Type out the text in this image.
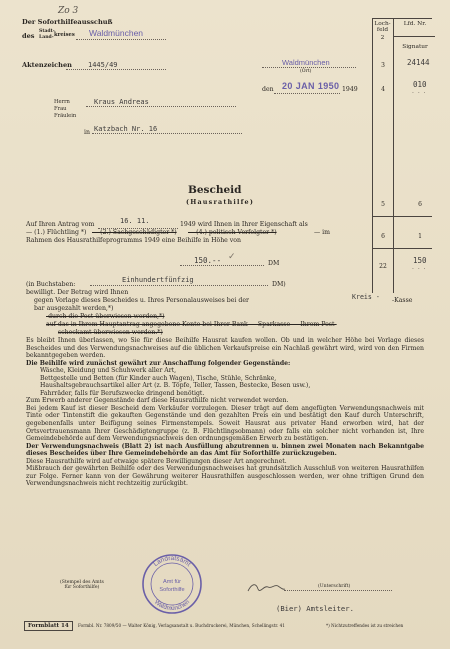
Zo 3
Loch-
feld
Lfd. Nr.
2
Signatur
3	24144
4
010
. . .
5	6
6	1
22
150
. . .
Der Soforthilfeausschuß
des
Stadt-
Land- kreises Waldmünchen
Aktenzeichen 1445/49	Waldmünchen
(Ort)
den 20 JAN 1950 1949
Herrn
Frau
Fräulein
Kraus Andreas
in Katzbach Nr. 16
Bescheid
(Hausrathilfe)
Auf Ihren Antrag vom	16. 11.	1949 wird Ihnen in Ihrer Eigenschaft als
— (1.) Flüchtling *) — (2.) Sachgeschädigter *) — (4.) politisch Verfolgter *)	— im
Rahmen des Hausrathilfeprogramms 1949 eine Beihilfe in Höhe von
150.--	DM
✓
(in Buchstaben:
Einhundertfünfzig
DM)
bewilligt. Der Betrag wird Ihnen
gegen Vorlage dieses Bescheides u. Ihres Personalausweises bei der	Kreis - -Kasse
bar ausgezahlt werden,*)
-durch die Post überwiesen werden,*)
auf das in Ihrem Hauptantrag angegebene Konto bei Ihrer Bank — Sparkasse — Ihrem Post-
scheckamt überwiesen werden.*)

Es bleibt Ihnen überlassen, wo Sie für diese Beihilfe Hausrat kaufen wollen. Ob und in welcher Höhe bei Vorlage dieses Bescheides und des Verwendungsnachweises auf die üblichen Verkaufspreise ein Nachlaß gewährt wird, wird von den Firmen bekanntgegeben werden.

Die Beihilfe wird zunächst gewährt zur Anschaffung folgender Gegenstände:

Wäsche, Kleidung und Schuhwerk aller Art,

Bettgestelle und Betten (für Kinder auch Wagen), Tische, Stühle, Schränke,

Haushaltsgebrauchsartikel aller Art (z. B. Töpfe, Teller, Tassen, Bestecke, Besen usw.),

Fahrräder, falls für Berufszwecke dringend benötigt.

Zum Erwerb anderer Gegenstände darf diese Hausrathilfe nicht verwendet werden.

Bei jedem Kauf ist dieser Bescheid dem Verkäufer vorzulegen. Dieser trägt auf dem angefügten Verwendungsnachweis mit Tinte oder Tintenstift die gekauften Gegenstände und den gezahlten Preis ein und bestätigt den Kauf durch Unterschrift, gegebenenfalls unter Beifügung seines Firmenstempels. Soweit Hausrat aus privater Hand erworben wird, hat der Ortsvertrauensmann Ihrer Geschädigtengruppe (z. B. Flüchtlingsobmann) oder falls ein solcher nicht vorhanden ist, Ihre Gemeindebehörde auf dem Verwendungsnachweis den ordnungsgemäßen Erwerb zu bestätigen.

Der Verwendungsnachweis (Blatt 2) ist nach Ausfüllung abzutrennen u. binnen zwei Monaten nach Bekanntgabe dieses Bescheides über Ihre Gemeindebehörde an das Amt für Soforthilfe zurückzugeben.

Diese Hausrathilfe wird auf etwaige spätere Bewilligungen dieser Art angerechnet.

Mißbrauch der gewährten Beihilfe oder des Verwendungsnachweises hat grundsätzlich Ausschluß von weiteren Hausrathilfen zur Folge. Ferner kann von der Gewährung weiterer Hausrathilfen ausgeschlossen werden, wer ohne triftigen Grund den Verwendungsnachweis nicht rechtzeitig zurückgibt.

(Stempel des Amts
für Soforthilfe)
Landratsamt
Waldmünchen
Amt für
Soforthilfe
(Unterschrift)
(Bier) Amtsleiter.
Formblatt 14	Formbl. Nr. 7809/50 — Walter König, Verlagsanstalt u. Buchdruckerei, München, Schellingstr. 41	*) Nichtzutreffendes ist zu streichen
